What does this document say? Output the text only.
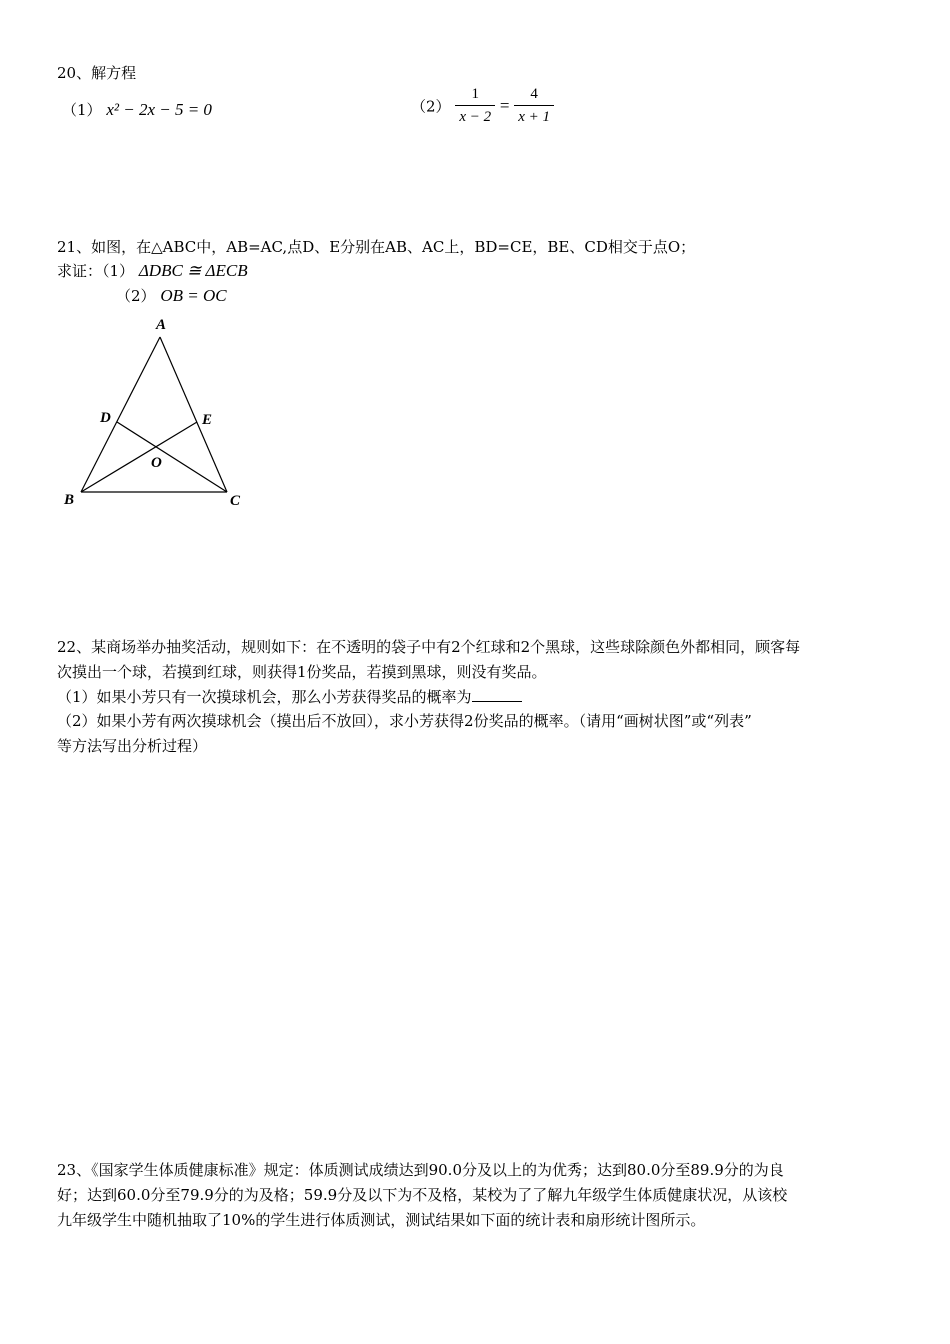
20、解方程
（1） x² − 2x − 5 = 0	$(2) \frac{1}{x - 2} = \frac{4}{x + 1}$
21、如图，在△ABC中，AB=AC,点D、E分别在AB、AC上，BD=CE，BE、CD相交于点O；
求证：（1） ΔDBC ≅ ΔECB
（2） OB = OC
A
B	C
D	E
O
22、某商场举办抽奖活动，规则如下：在不透明的袋子中有2个红球和2个黑球，这些球除颜色外都相同，顾客每
次摸出一个球，若摸到红球，则获得1份奖品，若摸到黑球，则没有奖品。
（1）如果小芳只有一次摸球机会，那么小芳获得奖品的概率为
（2）如果小芳有两次摸球机会（摸出后不放回），求小芳获得2份奖品的概率。（请用“画树状图”或“列表”
等方法写出分析过程）
23、《国家学生体质健康标准》规定：体质测试成绩达到90.0分及以上的为优秀；达到80.0分至89.9分的为良
好；达到60.0分至79.9分的为及格；59.9分及以下为不及格，某校为了了解九年级学生体质健康状况，从该校
九年级学生中随机抽取了10%的学生进行体质测试，测试结果如下面的统计表和扇形统计图所示。
